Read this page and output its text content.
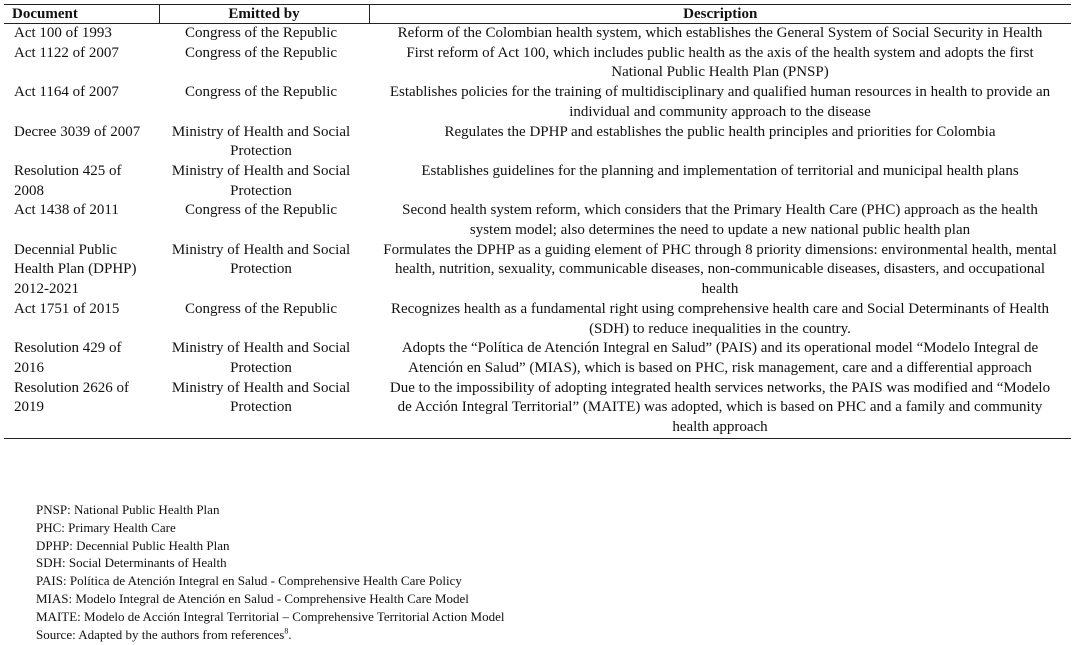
Document	Emitted by	Description
Act 100 of 1993	Congress of the Republic	Reform of the Colombian health system, which establishes the General System of Social Security in Health
Act 1122 of 2007	Congress of the Republic	First reform of Act 100, which includes public health as the axis of the health system and adopts the first National Public Health Plan (PNSP)
Act 1164 of 2007	Congress of the Republic	Establishes policies for the training of multidisciplinary and qualified human resources in health to provide an individual and community approach to the disease
Decree 3039 of 2007	Ministry of Health and Social Protection	Regulates the DPHP and establishes the public health principles and priorities for Colombia
Resolution 425 of 2008	Ministry of Health and Social Protection	Establishes guidelines for the planning and implementation of territorial and municipal health plans
Act 1438 of 2011	Congress of the Republic	Second health system reform, which considers that the Primary Health Care (PHC) approach as the health system model; also determines the need to update a new national public health plan
Decennial Public Health Plan (DPHP) 2012-2021	Ministry of Health and Social Protection	Formulates the DPHP as a guiding element of PHC through 8 priority dimensions: environmental health, mental health, nutrition, sexuality, communicable diseases, non-communicable diseases, disasters, and occupational health
Act 1751 of 2015	Congress of the Republic	Recognizes health as a fundamental right using comprehensive health care and Social Determinants of Health (SDH) to reduce inequalities in the country.
Resolution 429 of 2016	Ministry of Health and Social Protection	Adopts the “Política de Atención Integral en Salud” (PAIS) and its operational model “Modelo Integral de Atención en Salud” (MIAS), which is based on PHC, risk management, care and a differential approach
Resolution 2626 of 2019	Ministry of Health and Social Protection	Due to the impossibility of adopting integrated health services networks, the PAIS was modified and “Modelo de Acción Integral Territorial” (MAITE) was adopted, which is based on PHC and a family and community health approach
PNSP: National Public Health Plan
PHC: Primary Health Care
DPHP: Decennial Public Health Plan
SDH: Social Determinants of Health
PAIS: Política de Atención Integral en Salud - Comprehensive Health Care Policy
MIAS: Modelo Integral de Atención en Salud - Comprehensive Health Care Model
MAITE: Modelo de Acción Integral Territorial – Comprehensive Territorial Action Model
Source: Adapted by the authors from references$^8$.
